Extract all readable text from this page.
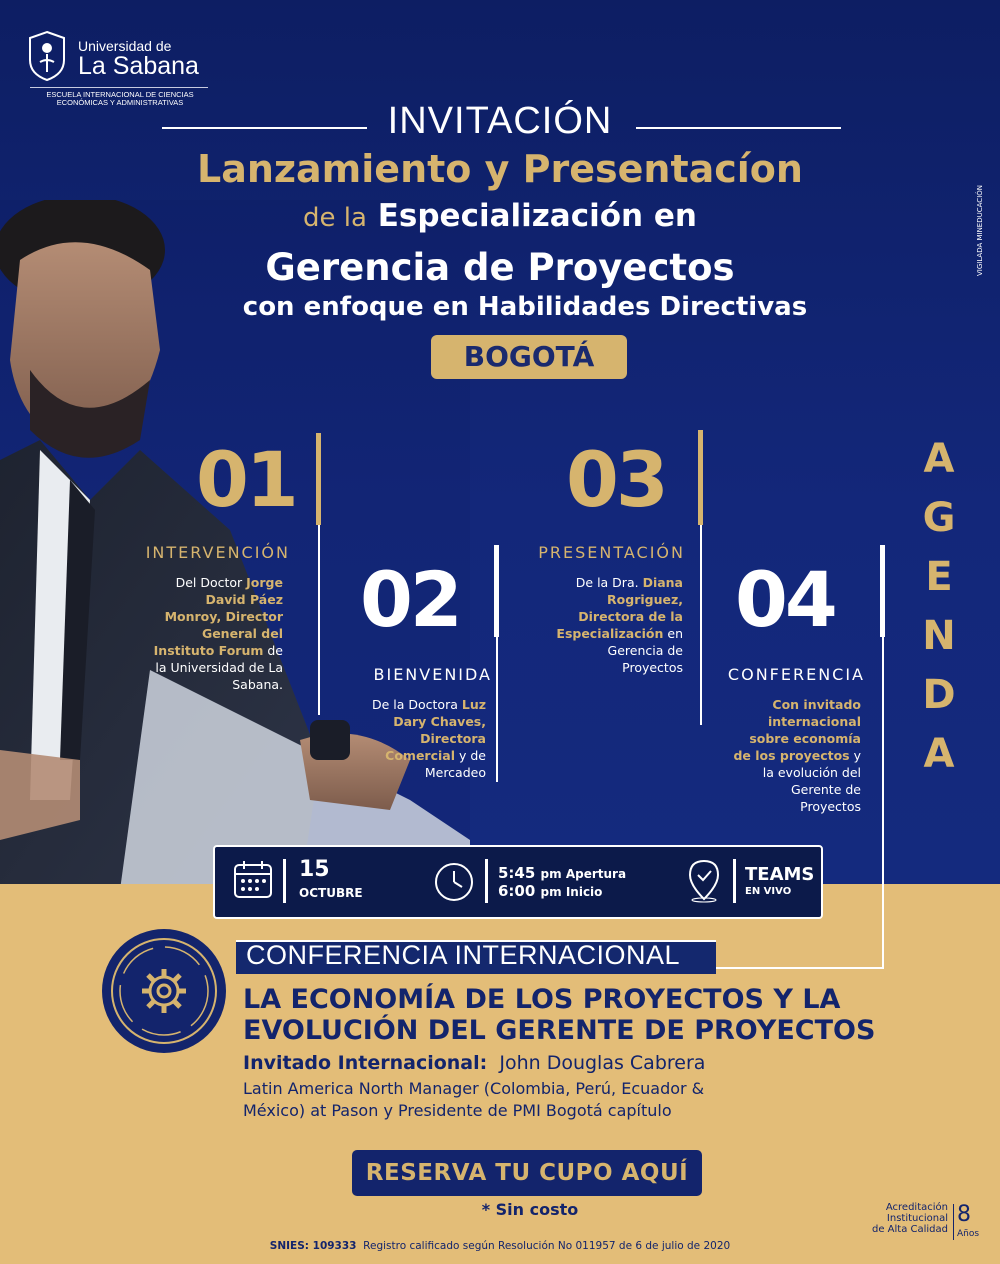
Universidad de
La Sabana
ESCUELA INTERNACIONAL DE CIENCIAS ECONÓMICAS Y ADMINISTRATIVAS
VIGILADA MINEDUCACIÓN
INVITACIÓN
Lanzamiento y Presentacíon
de la Especialización en
Gerencia de Proyectos
con enfoque en Habilidades Directivas
BOGOTÁ
A
G
E
N
D
A
01
INTERVENCIÓN
Del Doctor Jorge David Páez Monroy, Director General del Instituto Forum de la Universidad de La Sabana.
02
BIENVENIDA
De la Doctora Luz Dary Chaves, Directora Comercial y de Mercadeo
03
PRESENTACIÓN
De la Dra. Diana Rogriguez, Directora de la Especialización en Gerencia de Proyectos
04
CONFERENCIA
Con invitado internacional sobre economía de los proyectos y la evolución del Gerente de Proyectos
15
OCTUBRE
5:45 pm Apertura
6:00 pm Inicio
TEAMS
EN VIVO
CONFERENCIA INTERNACIONAL
LA ECONOMÍA DE LOS PROYECTOS Y LA
EVOLUCIÓN DEL GERENTE DE PROYECTOS
Invitado Internacional: John Douglas Cabrera
Latin America North Manager (Colombia, Perú, Ecuador &
México) at Pason y Presidente de PMI Bogotá capítulo
RESERVA TU CUPO AQUÍ
* Sin costo
SNIES: 109333 Registro calificado según Resolución No 011957 de 6 de julio de 2020
Acreditación
Institucional
de Alta Calidad
8
Años
